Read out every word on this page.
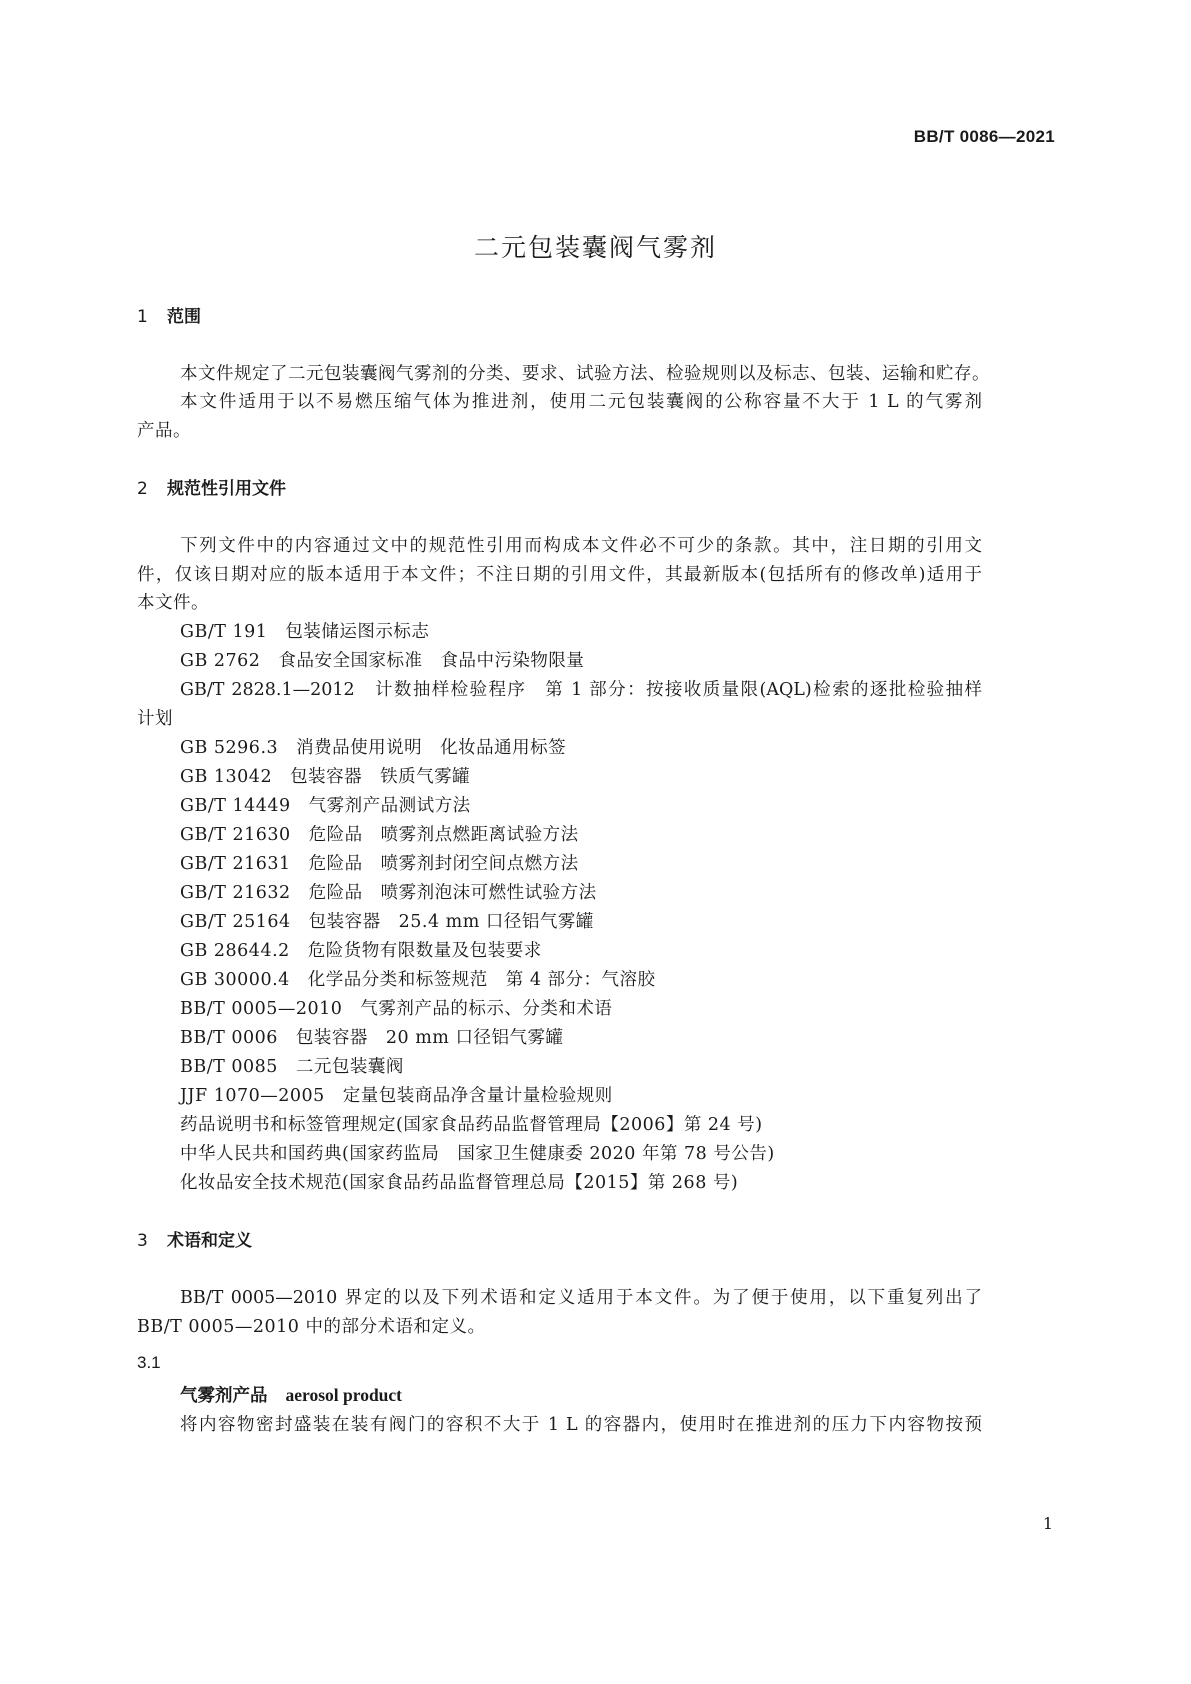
BB/T 0086—2021
二元包装囊阀气雾剂
1 范围
本文件规定了二元包装囊阀气雾剂的分类、要求、试验方法、检验规则以及标志、包装、运输和贮存。
本文件适用于以不易燃压缩气体为推进剂，使用二元包装囊阀的公称容量不大于 1 L 的气雾剂
产品。
2 规范性引用文件
下列文件中的内容通过文中的规范性引用而构成本文件必不可少的条款。其中，注日期的引用文
件，仅该日期对应的版本适用于本文件；不注日期的引用文件，其最新版本(包括所有的修改单)适用于
本文件。
GB/T 191　包装储运图示标志
GB 2762　食品安全国家标准　食品中污染物限量
GB/T 2828.1—2012　计数抽样检验程序　第 1 部分：按接收质量限(AQL)检索的逐批检验抽样
计划
GB 5296.3　消费品使用说明　化妆品通用标签
GB 13042　包装容器　铁质气雾罐
GB/T 14449　气雾剂产品测试方法
GB/T 21630　危险品　喷雾剂点燃距离试验方法
GB/T 21631　危险品　喷雾剂封闭空间点燃方法
GB/T 21632　危险品　喷雾剂泡沫可燃性试验方法
GB/T 25164　包装容器　25.4 mm 口径铝气雾罐
GB 28644.2　危险货物有限数量及包装要求
GB 30000.4　化学品分类和标签规范　第 4 部分：气溶胶
BB/T 0005—2010　气雾剂产品的标示、分类和术语
BB/T 0006　包装容器　20 mm 口径铝气雾罐
BB/T 0085　二元包装囊阀
JJF 1070—2005　定量包装商品净含量计量检验规则
药品说明书和标签管理规定(国家食品药品监督管理局【2006】第 24 号)
中华人民共和国药典(国家药监局　国家卫生健康委 2020 年第 78 号公告)
化妆品安全技术规范(国家食品药品监督管理总局【2015】第 268 号)
3 术语和定义
BB/T 0005—2010 界定的以及下列术语和定义适用于本文件。为了便于使用，以下重复列出了
BB/T 0005—2010 中的部分术语和定义。
3.1
气雾剂产品 aerosol product
将内容物密封盛装在装有阀门的容积不大于 1 L 的容器内，使用时在推进剂的压力下内容物按预
1
